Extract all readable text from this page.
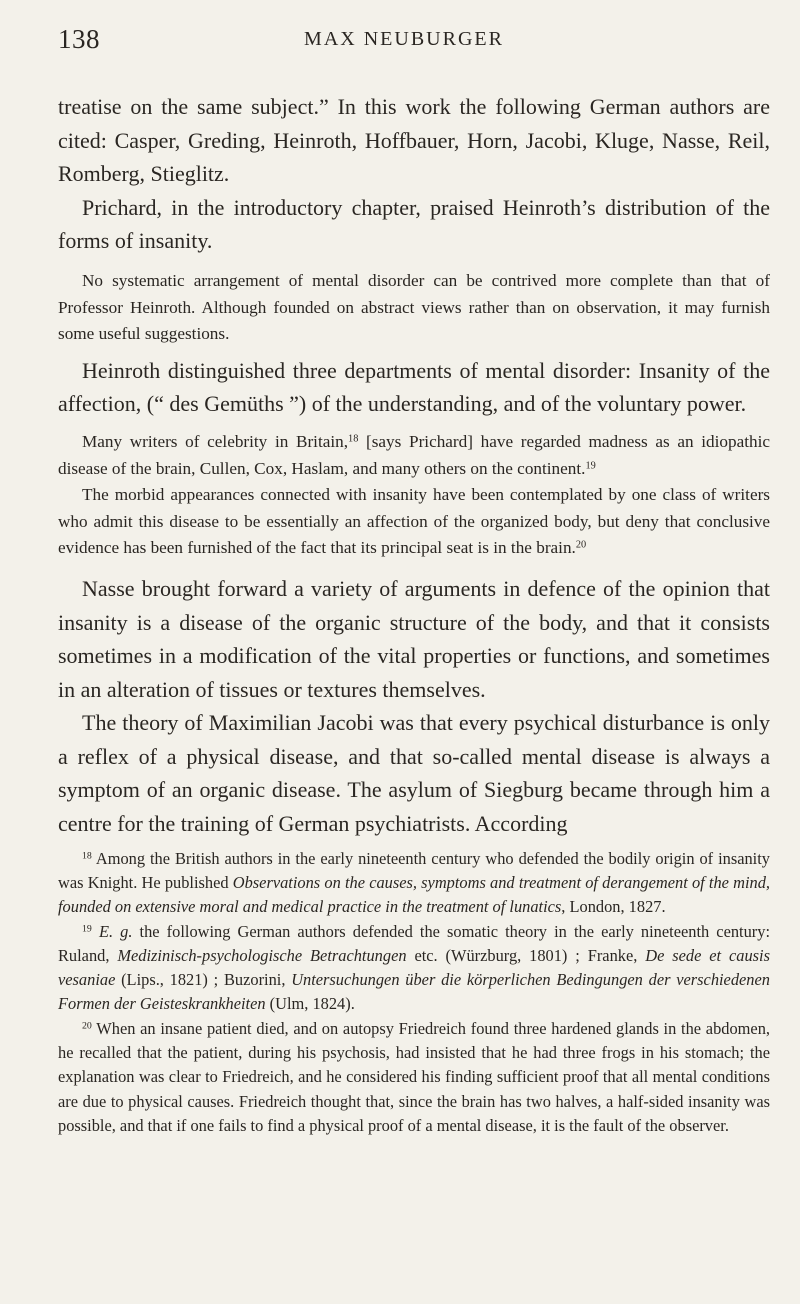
138	MAX NEUBURGER

treatise on the same subject.” In this work the following German authors are cited: Casper, Greding, Heinroth, Hoffbauer, Horn, Jacobi, Kluge, Nasse, Reil, Romberg, Stieglitz.

Prichard, in the introductory chapter, praised Heinroth’s distribution of the forms of insanity.

No systematic arrangement of mental disorder can be contrived more complete than that of Professor Heinroth. Although founded on abstract views rather than on observation, it may furnish some useful suggestions.

Heinroth distinguished three departments of mental disorder: Insanity of the affection, (“ des Gemüths ”) of the understanding, and of the voluntary power.

Many writers of celebrity in Britain,$^{18}$ [says Prichard] have regarded madness as an idiopathic disease of the brain, Cullen, Cox, Haslam, and many others on the continent.$^{19}$

The morbid appearances connected with insanity have been contemplated by one class of writers who admit this disease to be essentially an affection of the organized body, but deny that conclusive evidence has been furnished of the fact that its principal seat is in the brain.$^{20}$

Nasse brought forward a variety of arguments in defence of the opinion that insanity is a disease of the organic structure of the body, and that it consists sometimes in a modification of the vital properties or functions, and sometimes in an alteration of tissues or textures themselves.

The theory of Maximilian Jacobi was that every psychical disturbance is only a reflex of a physical disease, and that so-called mental disease is always a symptom of an organic disease. The asylum of Siegburg became through him a centre for the training of German psychiatrists. According

$^{18}$ Among the British authors in the early nineteenth century who defended the bodily origin of insanity was Knight. He published Observations on the causes, symptoms and treatment of derangement of the mind, founded on extensive moral and medical practice in the treatment of lunatics, London, 1827.

$^{19}$ E. g. the following German authors defended the somatic theory in the early nineteenth century: Ruland, Medizinisch-psychologische Betrachtungen etc. (Würzburg, 1801) ; Franke, De sede et causis vesaniae (Lips., 1821) ; Buzorini, Untersuchungen über die körperlichen Bedingungen der verschiedenen Formen der Geisteskrankheiten (Ulm, 1824).

$^{20}$ When an insane patient died, and on autopsy Friedreich found three hardened glands in the abdomen, he recalled that the patient, during his psychosis, had insisted that he had three frogs in his stomach; the explanation was clear to Friedreich, and he considered his finding sufficient proof that all mental conditions are due to physical causes. Friedreich thought that, since the brain has two halves, a half-sided insanity was possible, and that if one fails to find a physical proof of a mental disease, it is the fault of the observer.
